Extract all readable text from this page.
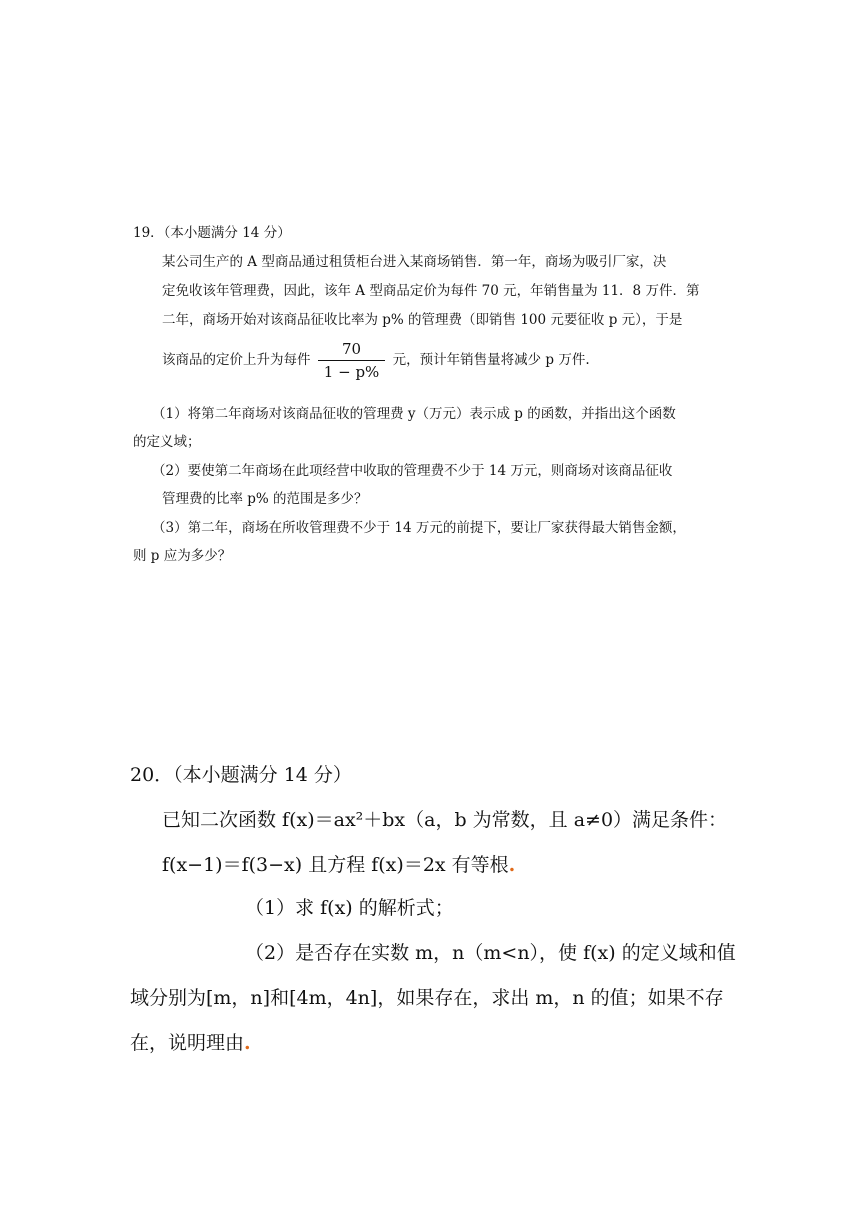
19．（本小题满分 14 分）
某公司生产的 A 型商品通过租赁柜台进入某商场销售．第一年，商场为吸引厂家，决
定免收该年管理费，因此，该年 A 型商品定价为每件 70 元，年销售量为 11．8 万件．第
二年，商场开始对该商品征收比率为 p% 的管理费（即销售 100 元要征收 p 元），于是
该商品的定价上升为每件 $\frac{70}{1 - p\%}$ 元，预计年销售量将减少 p 万件.
（1）将第二年商场对该商品征收的管理费 y（万元）表示成 p 的函数，并指出这个函数
的定义域；
（2）要使第二年商场在此项经营中收取的管理费不少于 14 万元，则商场对该商品征收
管理费的比率 p% 的范围是多少？
（3）第二年，商场在所收管理费不少于 14 万元的前提下，要让厂家获得最大销售金额，
则 p 应为多少？
20．（本小题满分 14 分）
已知二次函数 f(x)＝ax²＋bx（a，b 为常数，且 a≠0）满足条件：
f(x−1)＝f(3−x) 且方程 f(x)＝2x 有等根.
（1）求 f(x) 的解析式；
（2）是否存在实数 m，n（m<n），使 f(x) 的定义域和值
域分别为[m，n]和[4m，4n]，如果存在，求出 m，n 的值；如果不存
在，说明理由.
